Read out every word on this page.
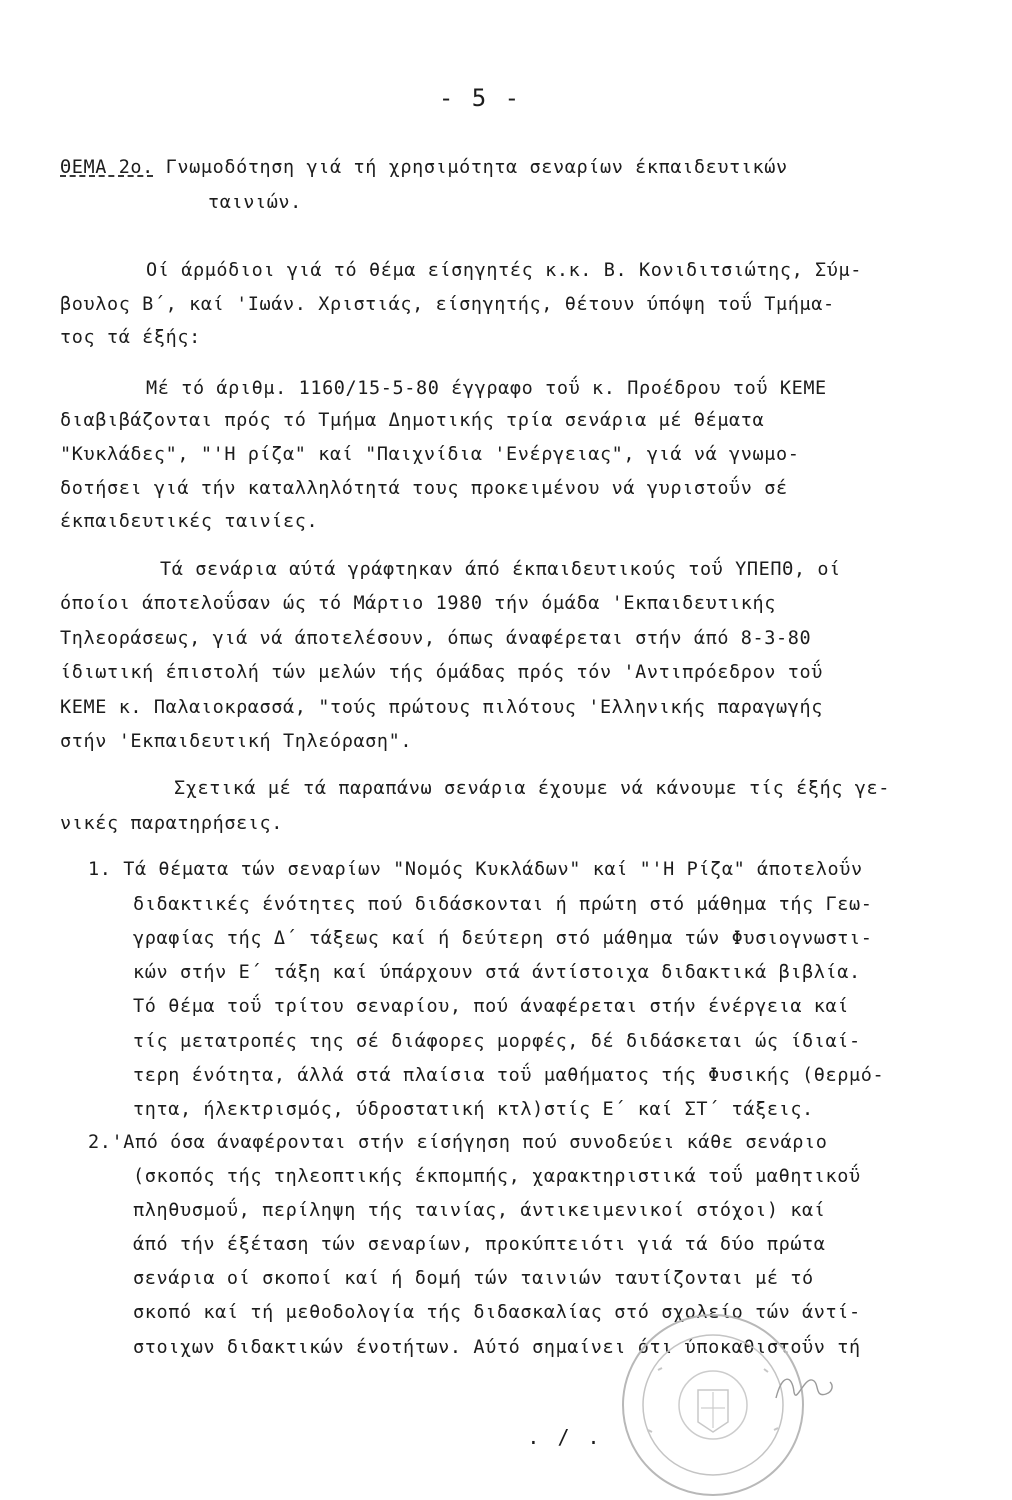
- 5 -
ΘΕΜΑ 2ο. Γνωμοδότηση γιά τή χρησιμότητα σεναρίων έκπαιδευτικών
ταινιών.
Οί άρμόδιοι γιά τό θέμα είσηγητές κ.κ. Β. Κονιδιτσιώτης, Σύμ-
βουλος Β΄, καί 'Ιωάν. Χριστιάς, είσηγητής, θέτουν ύπόψη τοΰ Τμήμα-
τος τά έξής:
Μέ τό άριθμ. 1160/15-5-80 έγγραφο τοΰ κ. Προέδρου τοΰ ΚΕΜΕ
διαβιβάζονται πρός τό Τμήμα Δημοτικής τρία σενάρια μέ θέματα
"Κυκλάδες", "'Η ρίζα" καί "Παιχνίδια 'Ενέργειας", γιά νά γνωμο-
δοτήσει γιά τήν καταλληλότητά τους προκειμένου νά γυριστοΰν σέ
έκπαιδευτικές ταινίες.
Τά σενάρια αύτά γράφτηκαν άπό έκπαιδευτικούς τοΰ ΥΠΕΠΘ, οί
όποίοι άποτελοΰσαν ώς τό Μάρτιο 1980 τήν όμάδα 'Εκπαιδευτικής
Τηλεοράσεως, γιά νά άποτελέσουν, όπως άναφέρεται στήν άπό 8-3-80
ίδιωτική έπιστολή τών μελών τής όμάδας πρός τόν 'Αντιπρόεδρον τοΰ
ΚΕΜΕ κ. Παλαιοκρασσά, "τούς πρώτους πιλότους 'Ελληνικής παραγωγής
στήν 'Εκπαιδευτική Τηλεόραση".
Σχετικά μέ τά παραπάνω σενάρια έχουμε νά κάνουμε τίς έξής γε-
νικές παρατηρήσεις.
1. Τά θέματα τών σεναρίων "Νομός Κυκλάδων" καί "'Η Ρίζα" άποτελοΰν
διδακτικές ένότητες πού διδάσκονται ή πρώτη στό μάθημα τής Γεω-
γραφίας τής Δ΄ τάξεως καί ή δεύτερη στό μάθημα τών Φυσιογνωστι-
κών στήν Ε΄ τάξη καί ύπάρχουν στά άντίστοιχα διδακτικά βιβλία.
Τό θέμα τοΰ τρίτου σεναρίου, πού άναφέρεται στήν ένέργεια καί
τίς μετατροπές της σέ διάφορες μορφές, δέ διδάσκεται ώς ίδιαί-
τερη ένότητα, άλλά στά πλαίσια τοΰ μαθήματος τής Φυσικής (θερμό-
τητα, ήλεκτρισμός, ύδροστατική κτλ)στίς Ε΄ καί ΣΤ΄ τάξεις.
2.'Από όσα άναφέρονται στήν είσήγηση πού συνοδεύει κάθε σενάριο
(σκοπός τής τηλεοπτικής έκπομπής, χαρακτηριστικά τοΰ μαθητικοΰ
πληθυσμοΰ, περίληψη τής ταινίας, άντικειμενικοί στόχοι) καί
άπό τήν έξέταση τών σεναρίων, προκύπτειότι γιά τά δύο πρώτα
σενάρια οί σκοποί καί ή δομή τών ταινιών ταυτίζονται μέ τό
σκοπό καί τή μεθοδολογία τής διδασκαλίας στό σχολείο τών άντί-
στοιχων διδακτικών ένοτήτων. Αύτό σημαίνει ότι ύποκαθιστοΰν τή
. / .
